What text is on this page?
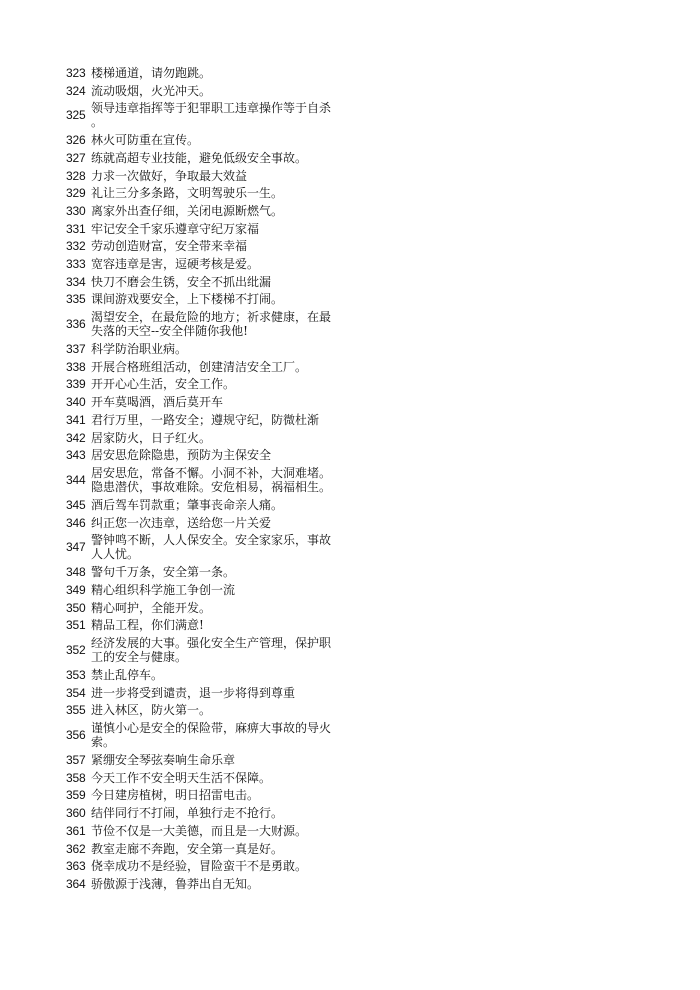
323 楼梯通道，请勿跑跳。
324 流动吸烟，火光冲天。
325
领导违章指挥等于犯罪职工违章操作等于自杀
。
326 林火可防重在宣传。
327 练就高超专业技能，避免低级安全事故。
328 力求一次做好，争取最大效益
329 礼让三分多条路，文明驾驶乐一生。
330 离家外出查仔细，关闭电源断燃气。
331 牢记安全千家乐遵章守纪万家福
332 劳动创造财富，安全带来幸福
333 宽容违章是害，逗硬考核是爱。
334 快刀不磨会生锈，安全不抓出纰漏
335 课间游戏要安全，上下楼梯不打闹。
336
渴望安全，在最危险的地方；祈求健康，在最
失落的天空--安全伴随你我他!
337 科学防治职业病。
338 开展合格班组活动，创建清洁安全工厂。
339 开开心心生活，安全工作。
340 开车莫喝酒，酒后莫开车
341 君行万里，一路安全；遵规守纪，防微杜渐
342 居家防火，日子红火。
343 居安思危除隐患，预防为主保安全
344
居安思危，常备不懈。小洞不补，大洞难堵。
隐患潜伏，事故难除。安危相易，祸福相生。
345 酒后驾车罚款重；肇事丧命亲人痛。
346 纠正您一次违章，送给您一片关爱
347
警钟鸣不断，人人保安全。安全家家乐，事故
人人忧。
348 警句千万条，安全第一条。
349 精心组织科学施工争创一流
350 精心呵护，全能开发。
351 精品工程，你们满意!
352
经济发展的大事。强化安全生产管理，保护职
工的安全与健康。
353 禁止乱停车。
354 进一步将受到谴责，退一步将得到尊重
355 进入林区，防火第一。
356
谨慎小心是安全的保险带，麻痹大事故的导火
索。
357 紧绷安全琴弦奏响生命乐章
358 今天工作不安全明天生活不保障。
359 今日建房植树，明日招雷电击。
360 结伴同行不打闹，单独行走不抢行。
361 节俭不仅是一大美德，而且是一大财源。
362 教室走廊不奔跑，安全第一真是好。
363 侥幸成功不是经验，冒险蛮干不是勇敢。
364 骄傲源于浅薄，鲁莽出自无知。
